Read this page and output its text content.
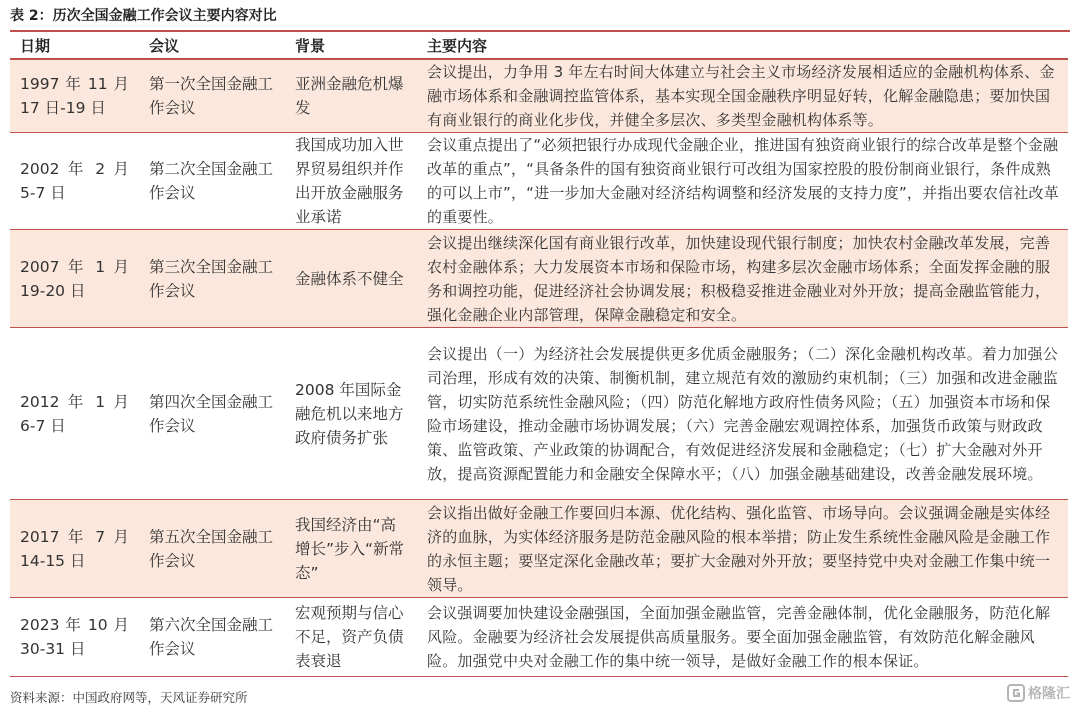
表 2：历次全国金融工作会议主要内容对比
日期	会议	背景	主要内容
1997 年 11 月 17 日-19 日	第一次全国金融工作会议	亚洲金融危机爆发	会议提出，力争用 3 年左右时间大体建立与社会主义市场经济发展相适应的金融机构体系、金融市场体系和金融调控监管体系，基本实现全国金融秩序明显好转，化解金融隐患；要加快国有商业银行的商业化步伐，并健全多层次、多类型金融机构体系等。
2002 年 2 月 5-7 日	第二次全国金融工作会议	我国成功加入世界贸易组织并作出开放金融服务业承诺	会议重点提出了“必须把银行办成现代金融企业，推进国有独资商业银行的综合改革是整个金融改革的重点”，“具备条件的国有独资商业银行可改组为国家控股的股份制商业银行，条件成熟的可以上市”，“进一步加大金融对经济结构调整和经济发展的支持力度”，并指出要农信社改革的重要性。
2007 年 1 月 19-20 日	第三次全国金融工作会议	金融体系不健全	会议提出继续深化国有商业银行改革，加快建设现代银行制度；加快农村金融改革发展，完善农村金融体系；大力发展资本市场和保险市场，构建多层次金融市场体系；全面发挥金融的服务和调控功能，促进经济社会协调发展；积极稳妥推进金融业对外开放；提高金融监管能力，强化金融企业内部管理，保障金融稳定和安全。
2012 年 1 月 6-7 日	第四次全国金融工作会议	2008 年国际金融危机以来地方政府债务扩张	会议提出（一）为经济社会发展提供更多优质金融服务；（二）深化金融机构改革。着力加强公司治理，形成有效的决策、制衡机制，建立规范有效的激励约束机制；（三）加强和改进金融监管，切实防范系统性金融风险；（四）防范化解地方政府性债务风险；（五）加强资本市场和保险市场建设，推动金融市场协调发展；（六）完善金融宏观调控体系，加强货币政策与财政政策、监管政策、产业政策的协调配合，有效促进经济发展和金融稳定；（七）扩大金融对外开放，提高资源配置能力和金融安全保障水平；（八）加强金融基础建设，改善金融发展环境。
2017 年 7 月 14-15 日	第五次全国金融工作会议	我国经济由“高增长”步入“新常态”	会议指出做好金融工作要回归本源、优化结构、强化监管、市场导向。会议强调金融是实体经济的血脉，为实体经济服务是防范金融风险的根本举措；防止发生系统性金融风险是金融工作的永恒主题；要坚定深化金融改革；要扩大金融对外开放；要坚持党中央对金融工作集中统一领导。
2023 年 10 月 30-31 日	第六次全国金融工作会议	宏观预期与信心不足，资产负债表衰退	会议强调要加快建设金融强国，全面加强金融监管，完善金融体制，优化金融服务，防范化解风险。金融要为经济社会发展提供高质量服务。要全面加强金融监管，有效防范化解金融风险。加强党中央对金融工作的集中统一领导，是做好金融工作的根本保证。
资料来源：中国政府网等，天风证券研究所	格隆汇
